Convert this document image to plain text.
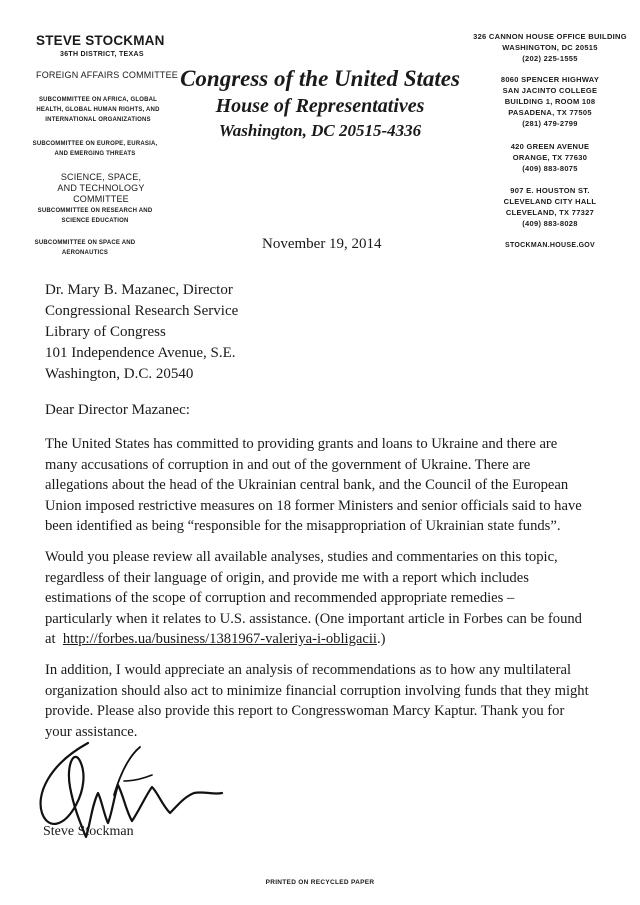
STEVE STOCKMAN
36TH DISTRICT, TEXAS
FOREIGN AFFAIRS COMMITTEE
SUBCOMMITTEE ON AFRICA, GLOBAL
HEALTH, GLOBAL HUMAN RIGHTS, AND
INTERNATIONAL ORGANIZATIONS
SUBCOMMITTEE ON EUROPE, EURASIA,
AND EMERGING THREATS
SCIENCE, SPACE,
AND TECHNOLOGY COMMITTEE
SUBCOMMITTEE ON RESEARCH AND
SCIENCE EDUCATION
SUBCOMMITTEE ON SPACE AND
AERONAUTICS
Congress of the United States
House of Representatives
Washington, DC 20515-4336
326 CANNON HOUSE OFFICE BUILDING
WASHINGTON, DC 20515
(202) 225-1555
8060 SPENCER HIGHWAY
SAN JACINTO COLLEGE
BUILDING 1, ROOM 108
PASADENA, TX 77505
(281) 479-2799
420 GREEN AVENUE
ORANGE, TX 77630
(409) 883-8075
907 E. HOUSTON ST.
CLEVELAND CITY HALL
CLEVELAND, TX 77327
(409) 883-8028
STOCKMAN.HOUSE.GOV
November 19, 2014
Dr. Mary B. Mazanec, Director
Congressional Research Service
Library of Congress
101 Independence Avenue, S.E.
Washington, D.C. 20540
Dear Director Mazanec:
The United States has committed to providing grants and loans to Ukraine and there are
many accusations of corruption in and out of the government of Ukraine. There are
allegations about the head of the Ukrainian central bank, and the Council of the European
Union imposed restrictive measures on 18 former Ministers and senior officials said to have
been identified as being “responsible for the misappropriation of Ukrainian state funds”.
Would you please review all available analyses, studies and commentaries on this topic,
regardless of their language of origin, and provide me with a report which includes
estimations of the scope of corruption and recommended appropriate remedies –
particularly when it relates to U.S. assistance. (One important article in Forbes can be found
at  http://forbes.ua/business/1381967-valeriya-i-obligacii.)
In addition, I would appreciate an analysis of recommendations as to how any multilateral
organization should also act to minimize financial corruption involving funds that they might
provide. Please also provide this report to Congresswoman Marcy Kaptur. Thank you for
your assistance.
Steve Stockman
PRINTED ON RECYCLED PAPER
